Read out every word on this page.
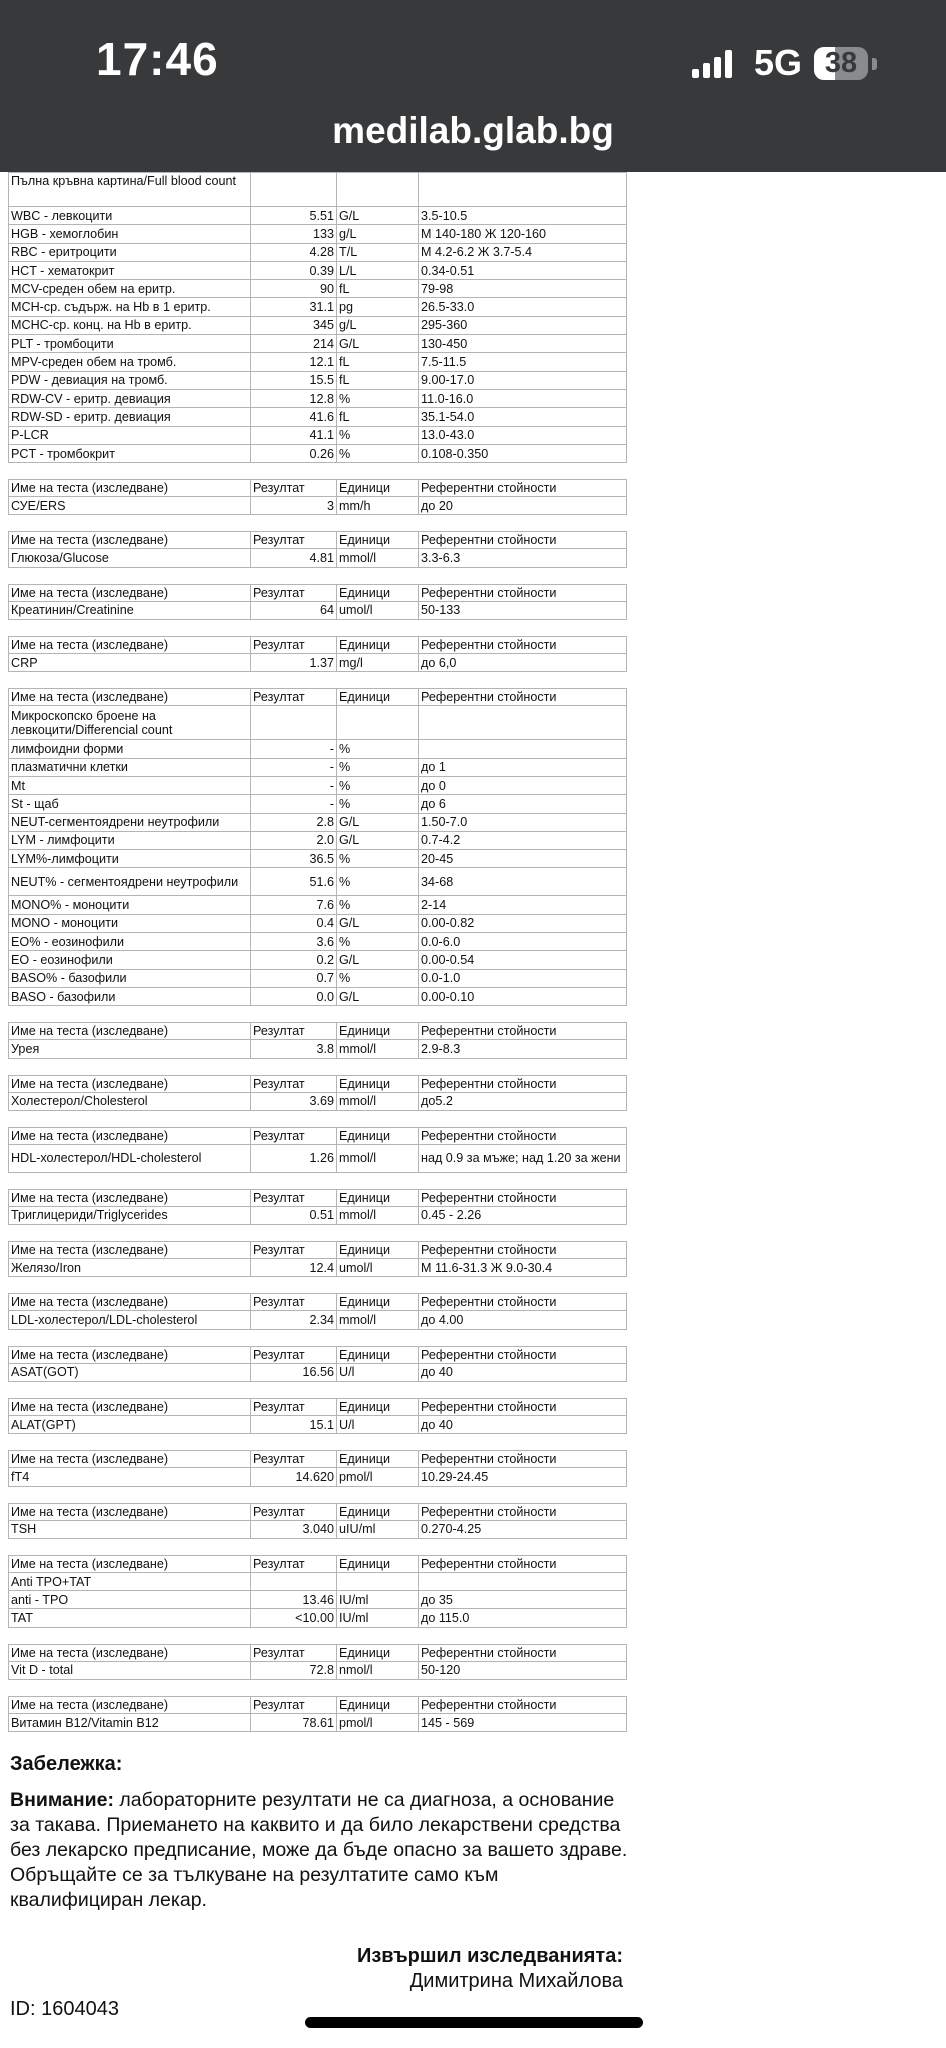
17:46	5G 38
medilab.glab.bg
Пълна кръвна картина/Full blood count			
WBC - левкоцити	5.51	G/L	3.5-10.5
HGB - хемоглобин	133	g/L	М 140-180 Ж 120-160
RBC - еритроцити	4.28	T/L	М 4.2-6.2 Ж 3.7-5.4
HCT - хематокрит	0.39	L/L	0.34-0.51
MCV-среден обем на еритр.	90	fL	79-98
MCH-ср. съдърж. на Hb в 1 еритр.	31.1	pg	26.5-33.0
MCHC-ср. конц. на Hb в еритр.	345	g/L	295-360
PLT - тромбоцити	214	G/L	130-450
MPV-среден обем на тромб.	12.1	fL	7.5-11.5
PDW - девиация на тромб.	15.5	fL	9.00-17.0
RDW-CV - еритр. девиация	12.8	%	11.0-16.0
RDW-SD - еритр. девиация	41.6	fL	35.1-54.0
P-LCR	41.1	%	13.0-43.0
PCT - тромбокрит	0.26	%	0.108-0.350
Име на теста (изследване)	Резултат	Единици	Референтни стойности
СУЕ/ERS	3	mm/h	до 20
Име на теста (изследване)	Резултат	Единици	Референтни стойности
Глюкоза/Glucose	4.81	mmol/l	3.3-6.3
Име на теста (изследване)	Резултат	Единици	Референтни стойности
Креатинин/Creatinine	64	umol/l	50-133
Име на теста (изследване)	Резултат	Единици	Референтни стойности
CRP	1.37	mg/l	до 6,0
Име на теста (изследване)	Резултат	Единици	Референтни стойности
Микроскопско броене на левкоцити/Differencial count			
лимфоидни форми	-	%	
плазматични клетки	-	%	до 1
Mt	-	%	до 0
St - щаб	-	%	до 6
NEUT-сегментоядрени неутрофили	2.8	G/L	1.50-7.0
LYM - лимфоцити	2.0	G/L	0.7-4.2
LYM%-лимфоцити	36.5	%	20-45
NEUT% - сегментоядрени неутрофили	51.6	%	34-68
MONO% - моноцити	7.6	%	2-14
MONO - моноцити	0.4	G/L	0.00-0.82
EO% - еозинофили	3.6	%	0.0-6.0
EO - еозинофили	0.2	G/L	0.00-0.54
BASO% - базофили	0.7	%	0.0-1.0
BASO - базофили	0.0	G/L	0.00-0.10
Име на теста (изследване)	Резултат	Единици	Референтни стойности
Урея	3.8	mmol/l	2.9-8.3
Име на теста (изследване)	Резултат	Единици	Референтни стойности
Холестерол/Cholesterol	3.69	mmol/l	до5.2
Име на теста (изследване)	Резултат	Единици	Референтни стойности
HDL-холестерол/HDL-cholesterol	1.26	mmol/l	над 0.9 за мъже; над 1.20 за жени
Име на теста (изследване)	Резултат	Единици	Референтни стойности
Триглицериди/Triglycerides	0.51	mmol/l	0.45 - 2.26
Име на теста (изследване)	Резултат	Единици	Референтни стойности
Желязо/Iron	12.4	umol/l	М 11.6-31.3 Ж 9.0-30.4
Име на теста (изследване)	Резултат	Единици	Референтни стойности
LDL-холестерол/LDL-cholesterol	2.34	mmol/l	до 4.00
Име на теста (изследване)	Резултат	Единици	Референтни стойности
ASAT(GOT)	16.56	U/l	до 40
Име на теста (изследване)	Резултат	Единици	Референтни стойности
ALAT(GPT)	15.1	U/l	до 40
Име на теста (изследване)	Резултат	Единици	Референтни стойности
fT4	14.620	pmol/l	10.29-24.45
Име на теста (изследване)	Резултат	Единици	Референтни стойности
TSH	3.040	uIU/ml	0.270-4.25
Име на теста (изследване)	Резултат	Единици	Референтни стойности
Anti TPO+TAT			
anti - TPO	13.46	IU/ml	до 35
TAT	<10.00	IU/ml	до 115.0
Име на теста (изследване)	Резултат	Единици	Референтни стойности
Vit D - total	72.8	nmol/l	50-120
Име на теста (изследване)	Резултат	Единици	Референтни стойности
Витамин B12/Vitamin B12	78.61	pmol/l	145 - 569
Забележка:
Внимание: лабораторните резултати не са диагноза, а основание за такава. Приемането на каквито и да било лекарствени средства без лекарско предписание, може да бъде опасно за вашето здраве. Обръщайте се за тълкуване на резултатите само към квалифициран лекар.
Извършил изследванията:
Димитрина Михайлова
ID: 1604043
